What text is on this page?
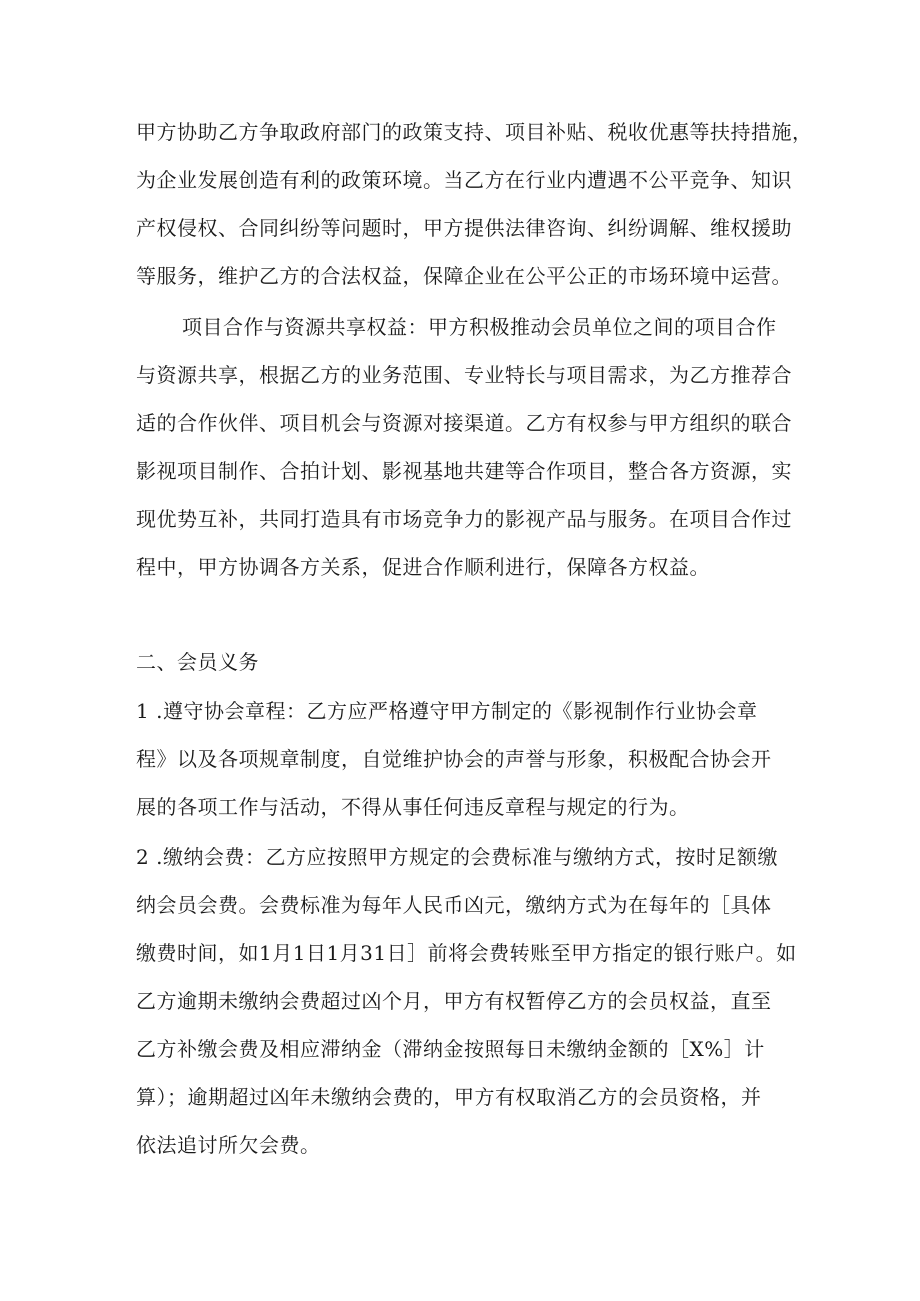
甲方协助乙方争取政府部门的政策支持、项目补贴、税收优惠等扶持措施，
为企业发展创造有利的政策环境。当乙方在行业内遭遇不公平竞争、知识
产权侵权、合同纠纷等问题时，甲方提供法律咨询、纠纷调解、维权援助
等服务，维护乙方的合法权益，保障企业在公平公正的市场环境中运营。
项目合作与资源共享权益：甲方积极推动会员单位之间的项目合作
与资源共享，根据乙方的业务范围、专业特长与项目需求，为乙方推荐合
适的合作伙伴、项目机会与资源对接渠道。乙方有权参与甲方组织的联合
影视项目制作、合拍计划、影视基地共建等合作项目，整合各方资源，实
现优势互补，共同打造具有市场竞争力的影视产品与服务。在项目合作过
程中，甲方协调各方关系，促进合作顺利进行，保障各方权益。
二、会员义务
1 .遵守协会章程：乙方应严格遵守甲方制定的《影视制作行业协会章
程》以及各项规章制度，自觉维护协会的声誉与形象，积极配合协会开
展的各项工作与活动，不得从事任何违反章程与规定的行为。
2 .缴纳会费：乙方应按照甲方规定的会费标准与缴纳方式，按时足额缴
纳会员会费。会费标准为每年人民币凶元，缴纳方式为在每年的［具体
缴费时间，如1月1日1月31日］前将会费转账至甲方指定的银行账户。如
乙方逾期未缴纳会费超过凶个月，甲方有权暂停乙方的会员权益，直至
乙方补缴会费及相应滞纳金（滞纳金按照每日未缴纳金额的［X%］计
算）；逾期超过凶年未缴纳会费的，甲方有权取消乙方的会员资格，并
依法追讨所欠会费。
